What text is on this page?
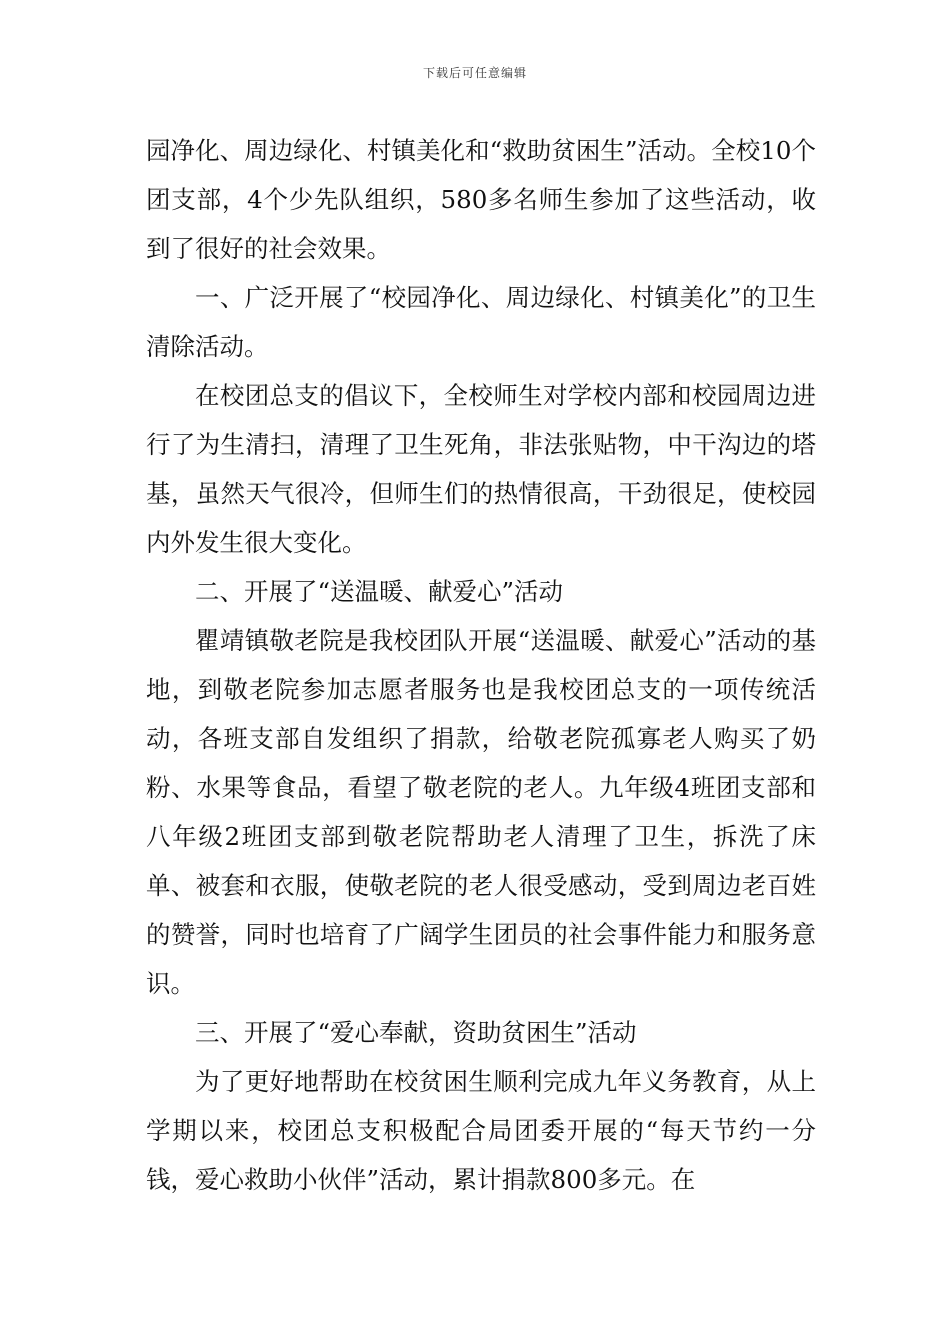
下载后可任意编辑

园净化、周边绿化、村镇美化和“救助贫困生”活动。全校10个团支部，4个少先队组织，580多名师生参加了这些活动，收到了很好的社会效果。

一、广泛开展了“校园净化、周边绿化、村镇美化”的卫生清除活动。

在校团总支的倡议下，全校师生对学校内部和校园周边进行了为生清扫，清理了卫生死角，非法张贴物，中干沟边的塔基，虽然天气很冷，但师生们的热情很高，干劲很足，使校园内外发生很大变化。

二、开展了“送温暖、献爱心”活动

瞿靖镇敬老院是我校团队开展“送温暖、献爱心”活动的基地，到敬老院参加志愿者服务也是我校团总支的一项传统活动，各班支部自发组织了捐款，给敬老院孤寡老人购买了奶粉、水果等食品，看望了敬老院的老人。九年级4班团支部和八年级2班团支部到敬老院帮助老人清理了卫生，拆洗了床单、被套和衣服，使敬老院的老人很受感动，受到周边老百姓的赞誉，同时也培育了广阔学生团员的社会事件能力和服务意识。

三、开展了“爱心奉献，资助贫困生”活动

为了更好地帮助在校贫困生顺利完成九年义务教育，从上学期以来，校团总支积极配合局团委开展的“每天节约一分钱，爱心救助小伙伴”活动，累计捐款800多元。在
